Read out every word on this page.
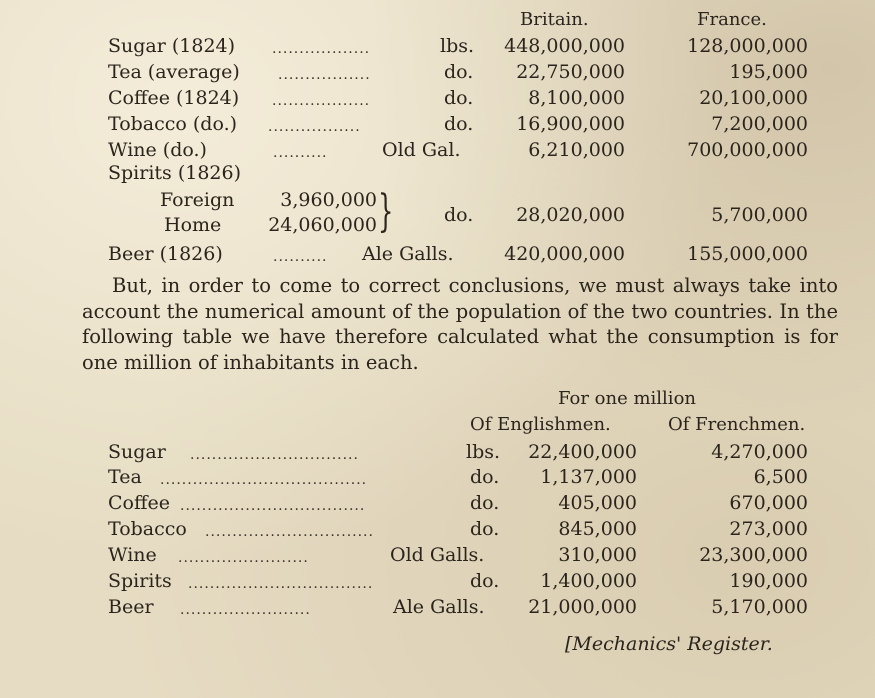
Britain.	France.
Sugar (1824)	..................	lbs.	448,000,000	128,000,000
Tea (average)	.................	do.	22,750,000	195,000
Coffee (1824) ..................	do.	8,100,000	20,100,000
Tobacco (do.) .................	do.	16,900,000	7,200,000
Wine (do.)	..........	Old Gal.	6,210,000	700,000,000
Spirits (1826)
Foreign	3,960,000
Home	24,060,000 }	do.	28,020,000	5,700,000
Beer (1826)	.......... Ale Galls.	420,000,000	155,000,000
But, in order to come to correct conclusions, we must always take into account the numerical amount of the population of the two countries. In the following table we have therefore calculated what the consumption is for one million of inhabitants in each.
For one million
Of Englishmen.	Of Frenchmen.
Sugar ...............................	lbs.	22,400,000	4,270,000
Tea ......................................	do.	1,137,000	6,500
Coffee ..................................	do.	405,000	670,000
Tobacco ...............................	do.	845,000	273,000
Wine ........................	Old Galls.	310,000	23,300,000
Spirits ..................................	do.	1,400,000	190,000
Beer ........................	Ale Galls.	21,000,000	5,170,000
[Mechanics' Register.
